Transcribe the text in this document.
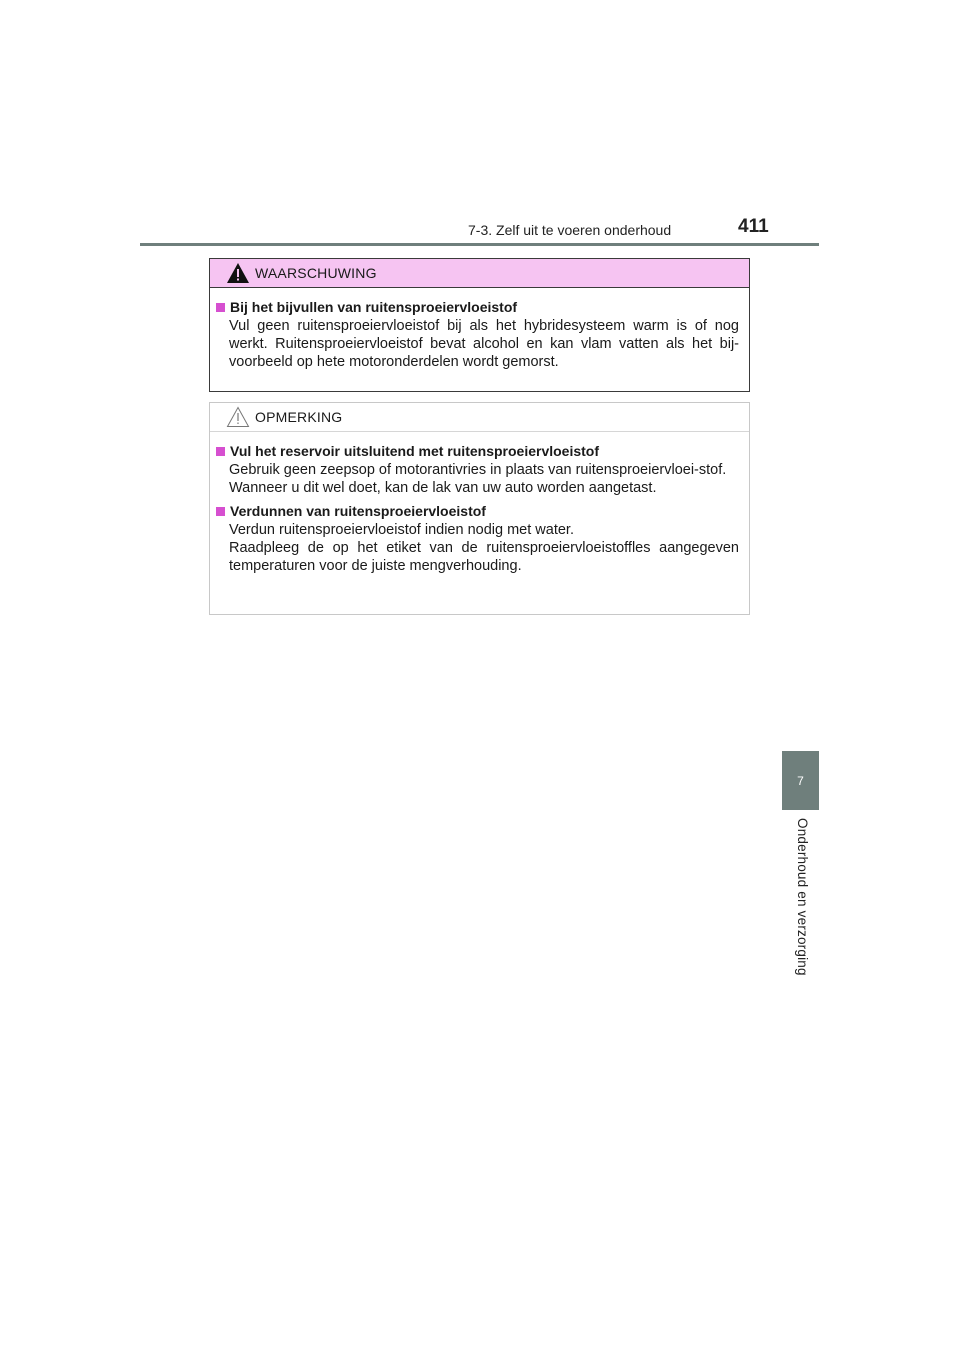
7-3. Zelf uit te voeren onderhoud	411
WAARSCHUWING
Bij het bijvullen van ruitensproeiervloeistof

Vul geen ruitensproeiervloeistof bij als het hybridesysteem warm is of nog werkt. Ruitensproeiervloeistof bevat alcohol en kan vlam vatten als het bij-voorbeeld op hete motoronderdelen wordt gemorst.

OPMERKING
Vul het reservoir uitsluitend met ruitensproeiervloeistof

Gebruik geen zeepsop of motorantivries in plaats van ruitensproeiervloei-stof.

Wanneer u dit wel doet, kan de lak van uw auto worden aangetast.

Verdunnen van ruitensproeiervloeistof

Verdun ruitensproeiervloeistof indien nodig met water.

Raadpleeg de op het etiket van de ruitensproeiervloeistoffles aangegeven temperaturen voor de juiste mengverhouding.

7
Onderhoud en verzorging
